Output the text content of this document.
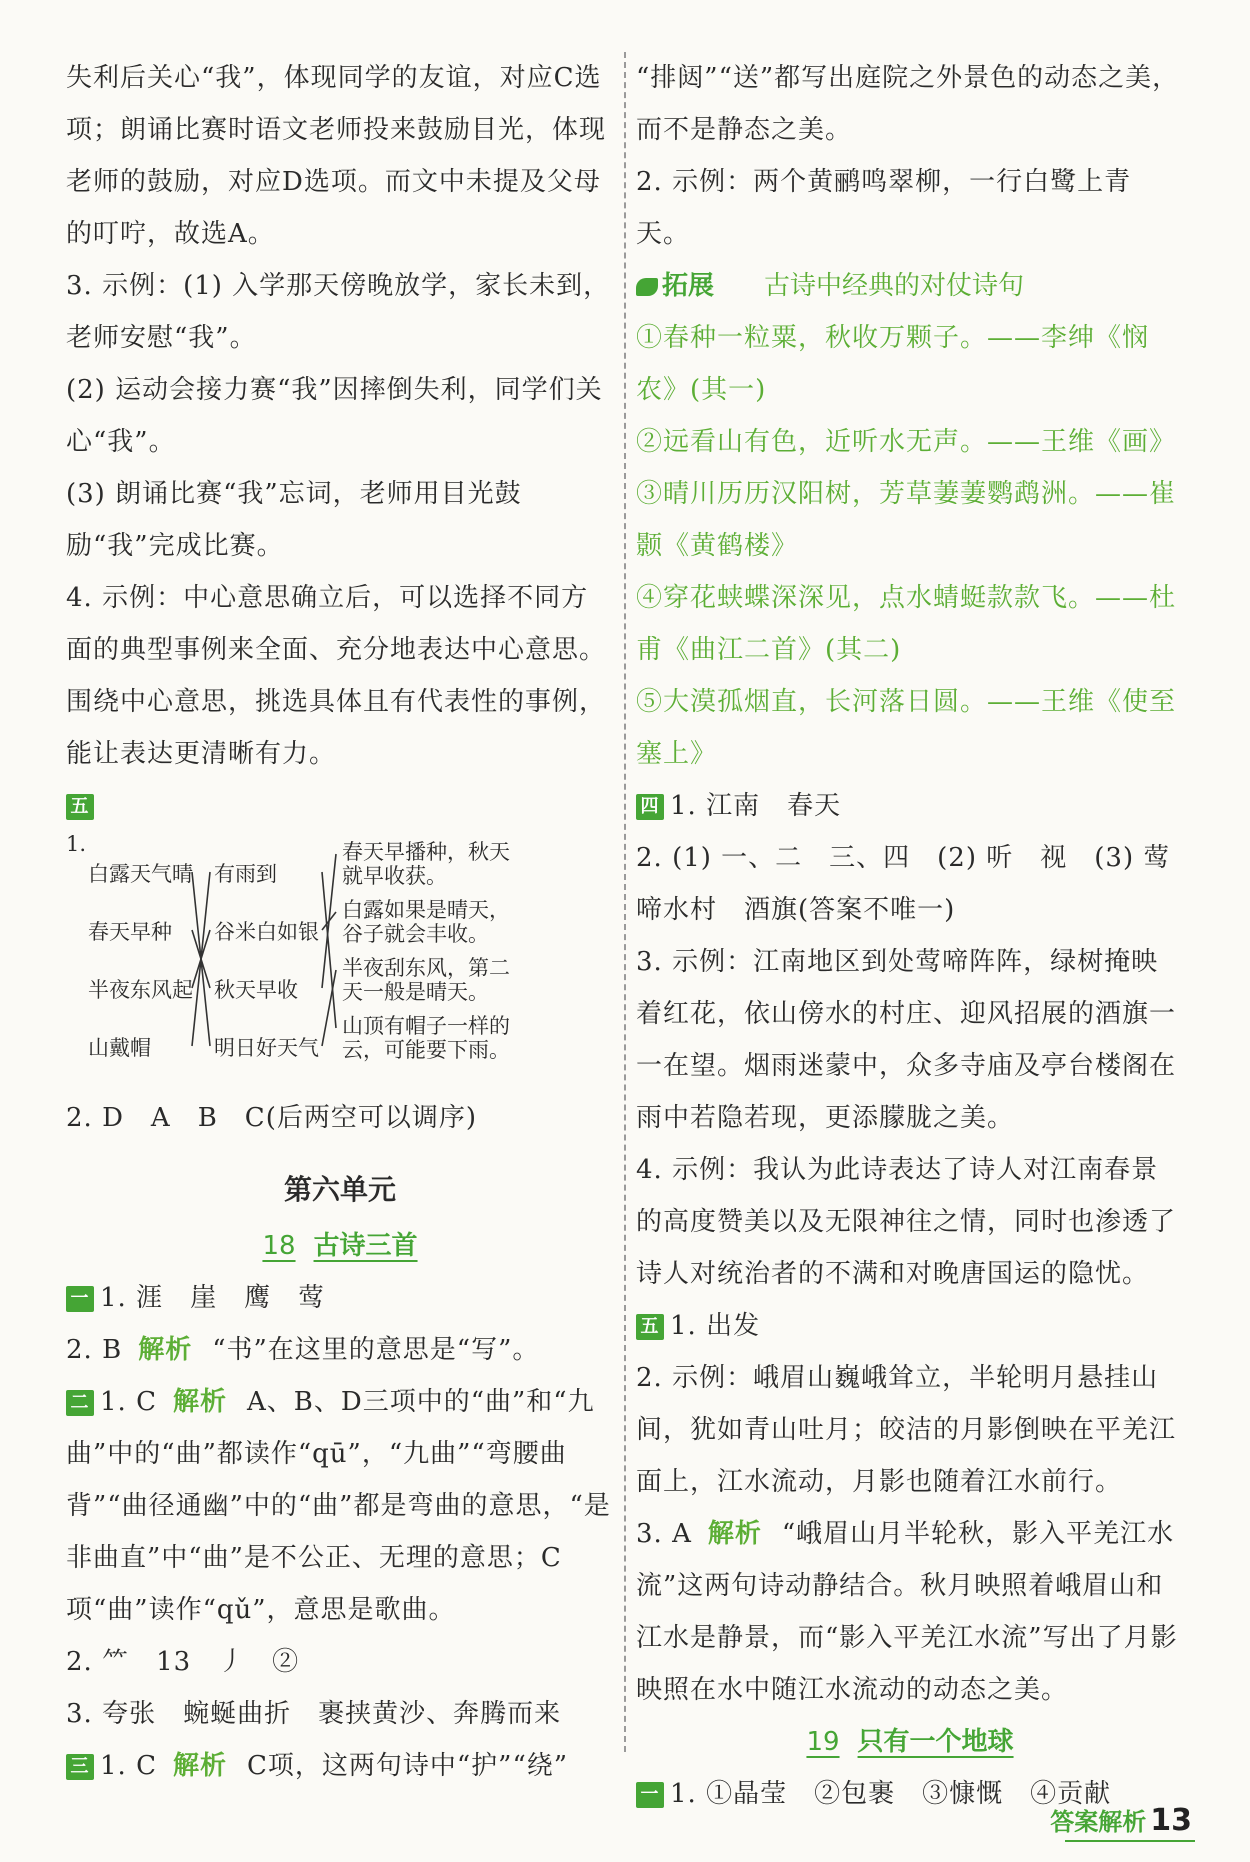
失利后关心“我”，体现同学的友谊，对应C选项；朗诵比赛时语文老师投来鼓励目光，体现老师的鼓励，对应D选项。而文中未提及父母的叮咛，故选A。

3. 示例：(1) 入学那天傍晚放学，家长未到，老师安慰“我”。

(2) 运动会接力赛“我”因摔倒失利，同学们关心“我”。

(3) 朗诵比赛“我”忘词，老师用目光鼓励“我”完成比赛。

4. 示例：中心意思确立后，可以选择不同方面的典型事例来全面、充分地表达中心意思。围绕中心意思，挑选具体且有代表性的事例，能让表达更清晰有力。

五

1.
白露天气晴
春天早种
半夜东风起
山戴帽
有雨到
谷米白如银
秋天早收
明日好天气
春天早播种，秋天就早收获。
白露如果是晴天，谷子就会丰收。
半夜刮东风，第二天一般是晴天。
山顶有帽子一样的云，可能要下雨。

2. D　A　B　C(后两空可以调序)

第六单元
18 古诗三首

一 1. 涯　崖　鹰　莺

2. B 解析 “书”在这里的意思是“写”。

二 1. C 解析 A、B、D三项中的“曲”和“九曲”中的“曲”都读作“qū”，“九曲”“弯腰曲背”“曲径通幽”中的“曲”都是弯曲的意思，“是非曲直”中“曲”是不公正、无理的意思；C项“曲”读作“qǔ”，意思是歌曲。

2. ⺮　13　丿　②

3. 夸张　蜿蜒曲折　裹挟黄沙、奔腾而来

三 1. C 解析 C项，这两句诗中“护”“绕”

“排闼”“送”都写出庭院之外景色的动态之美，而不是静态之美。

2. 示例：两个黄鹂鸣翠柳，一行白鹭上青天。

拓展 古诗中经典的对仗诗句

①春种一粒粟，秋收万颗子。——李绅《悯农》(其一)

②远看山有色，近听水无声。——王维《画》

③晴川历历汉阳树，芳草萋萋鹦鹉洲。——崔颢《黄鹤楼》

④穿花蛱蝶深深见，点水蜻蜓款款飞。——杜甫《曲江二首》(其二)

⑤大漠孤烟直，长河落日圆。——王维《使至塞上》

四 1. 江南　春天

2. (1) 一、二　三、四　(2) 听　视　(3) 莺啼水村　酒旗(答案不唯一)

3. 示例：江南地区到处莺啼阵阵，绿树掩映着红花，依山傍水的村庄、迎风招展的酒旗一一在望。烟雨迷蒙中，众多寺庙及亭台楼阁在雨中若隐若现，更添朦胧之美。

4. 示例：我认为此诗表达了诗人对江南春景的高度赞美以及无限神往之情，同时也渗透了诗人对统治者的不满和对晚唐国运的隐忧。

五 1. 出发

2. 示例：峨眉山巍峨耸立，半轮明月悬挂山间，犹如青山吐月；皎洁的月影倒映在平羌江面上，江水流动，月影也随着江水前行。

3. A 解析 “峨眉山月半轮秋，影入平羌江水流”这两句诗动静结合。秋月映照着峨眉山和江水是静景，而“影入平羌江水流”写出了月影映照在水中随江水流动的动态之美。

19 只有一个地球

一 1. ①晶莹　②包裹　③慷慨　④贡献

答案解析 13
